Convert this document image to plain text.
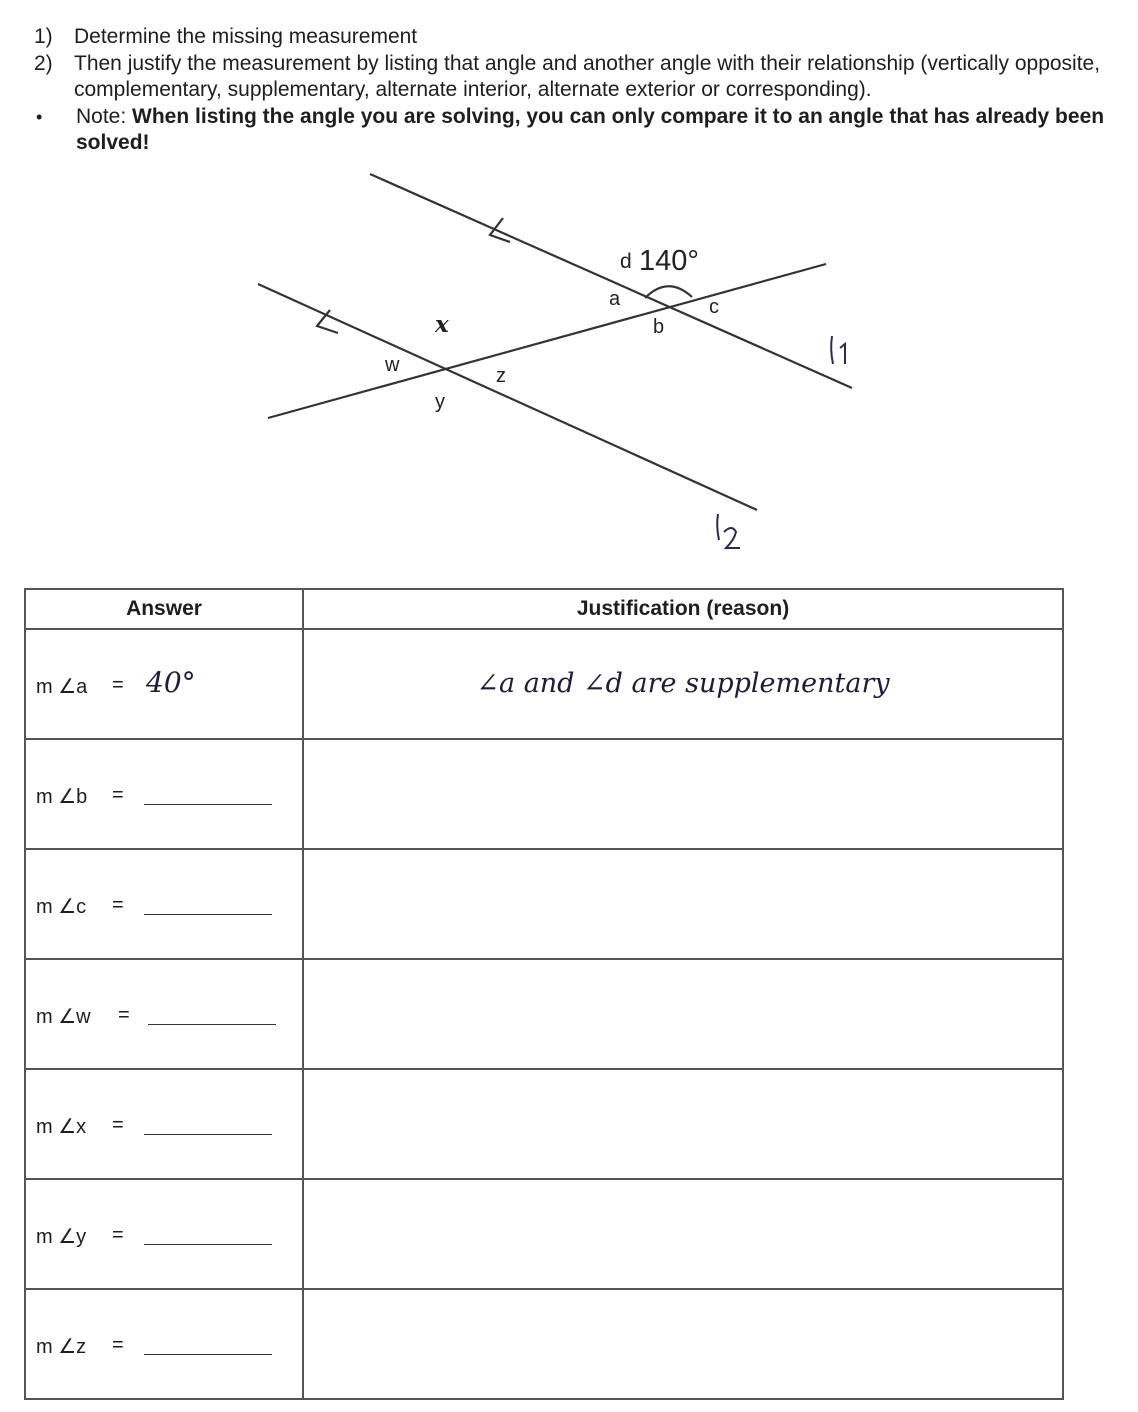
1)	Determine the missing measurement
2)	Then justify the measurement by listing that angle and another angle with their relationship (vertically opposite, complementary, supplementary, alternate interior, alternate exterior or corresponding).
•	Note: When listing the angle you are solving, you can only compare it to an angle that has already been solved!
d 140°
a
b
c
x
w	z
y
Answer	Justification (reason)
m ∠a = 40°	∠a and ∠d are supplementary
m ∠b =
m ∠c =
m ∠w =
m ∠x =
m ∠y =
m ∠z =
